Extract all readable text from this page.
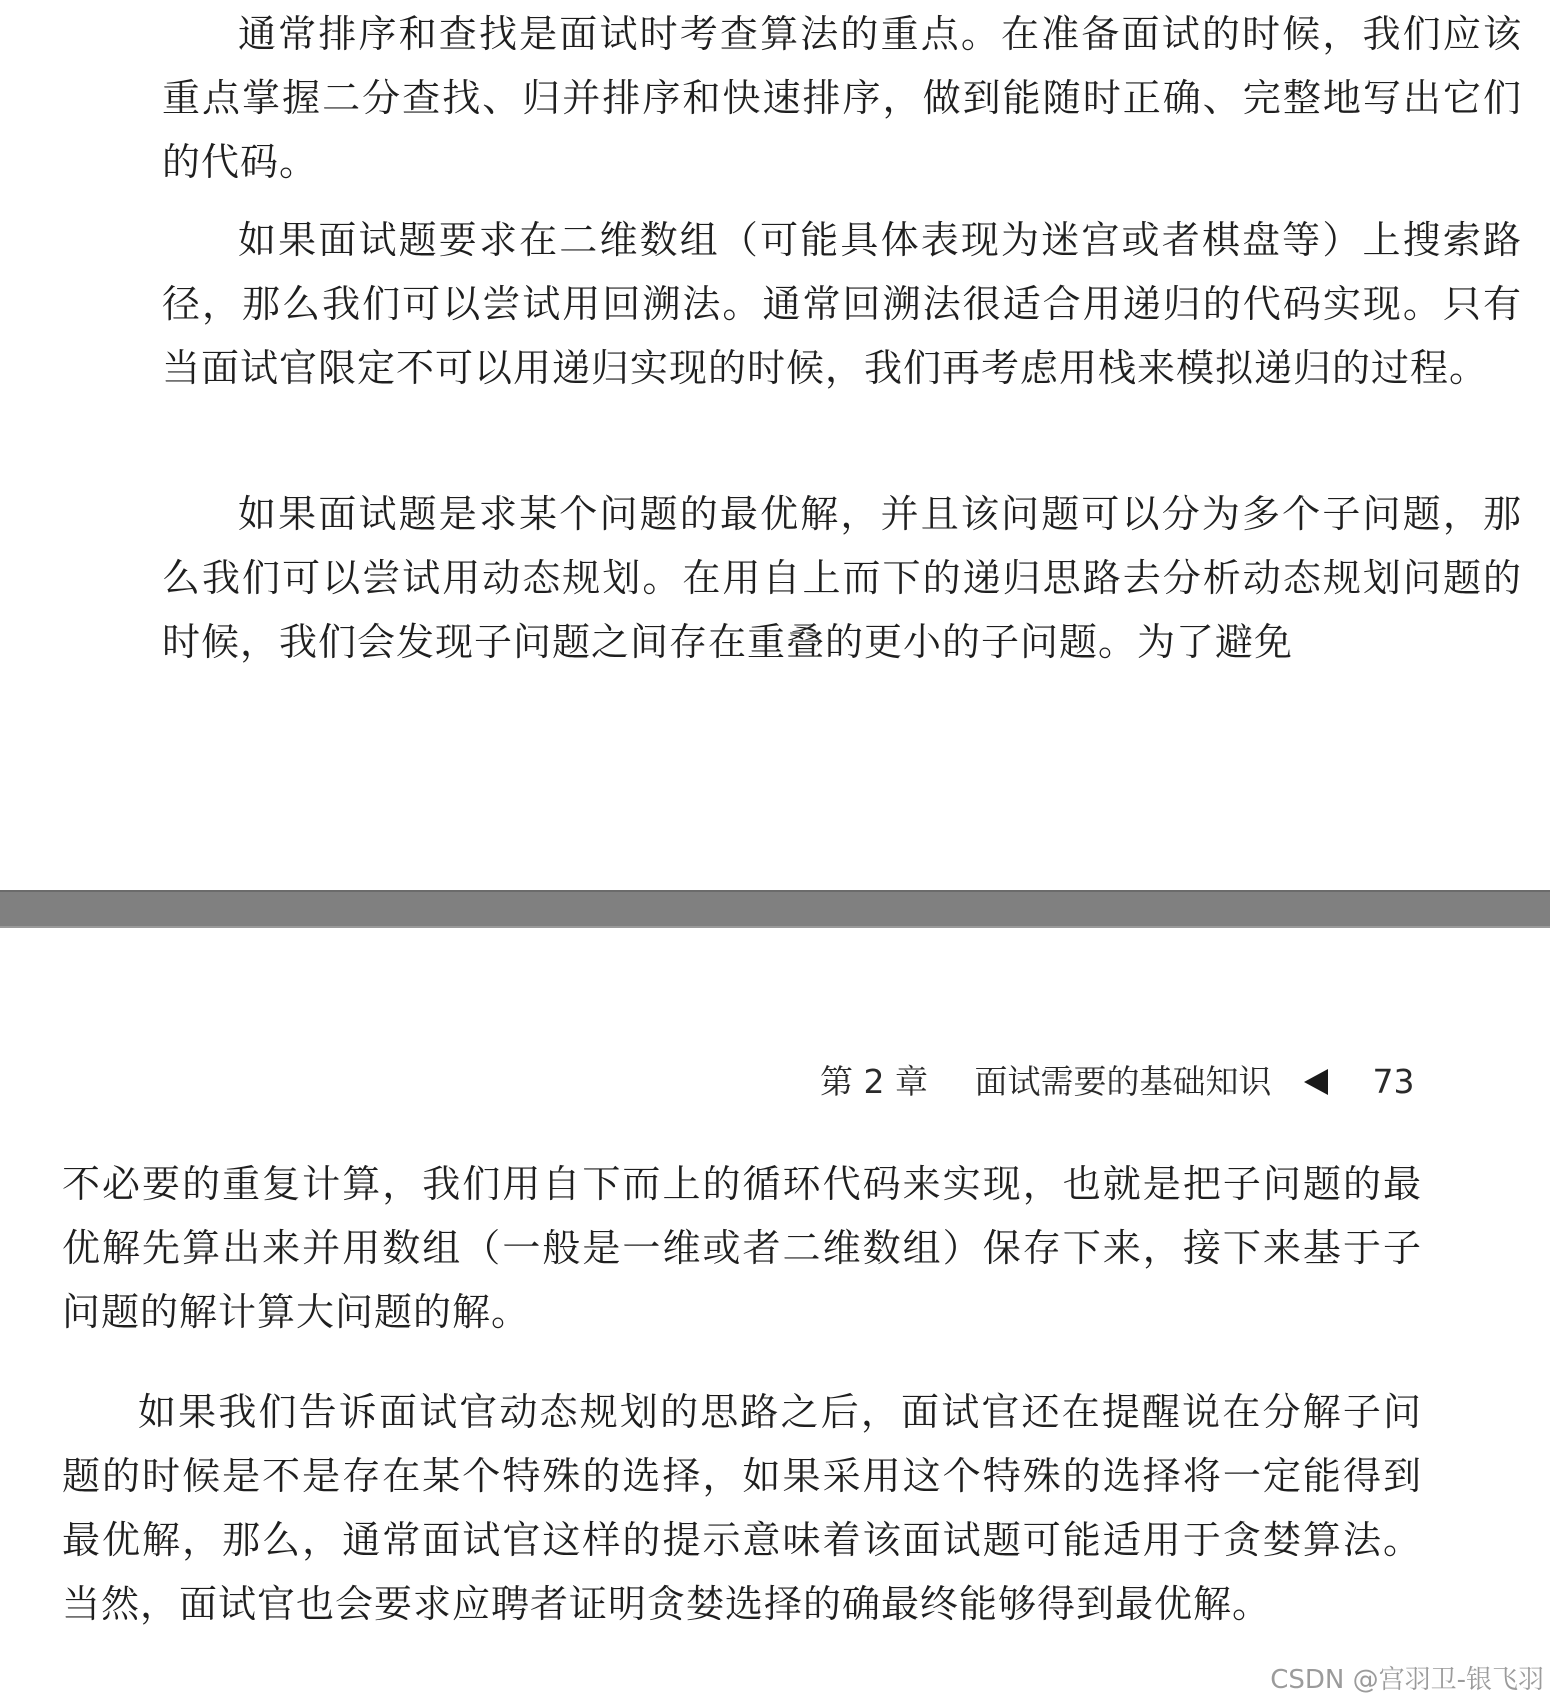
通常排序和查找是面试时考查算法的重点。在准备面试的时候，我们应该重点掌握二分查找、归并排序和快速排序，做到能随时正确、完整地写出它们的代码。

如果面试题要求在二维数组（可能具体表现为迷宫或者棋盘等）上搜索路径，那么我们可以尝试用回溯法。通常回溯法很适合用递归的代码实现。只有当面试官限定不可以用递归实现的时候，我们再考虑用栈来模拟递归的过程。

如果面试题是求某个问题的最优解，并且该问题可以分为多个子问题，那么我们可以尝试用动态规划。在用自上而下的递归思路去分析动态规划问题的时候，我们会发现子问题之间存在重叠的更小的子问题。为了避免

第 2 章 面试需要的基础知识	73

不必要的重复计算，我们用自下而上的循环代码来实现，也就是把子问题的最优解先算出来并用数组（一般是一维或者二维数组）保存下来，接下来基于子问题的解计算大问题的解。

如果我们告诉面试官动态规划的思路之后，面试官还在提醒说在分解子问题的时候是不是存在某个特殊的选择，如果采用这个特殊的选择将一定能得到最优解，那么，通常面试官这样的提示意味着该面试题可能适用于贪婪算法。当然，面试官也会要求应聘者证明贪婪选择的确最终能够得到最优解。

CSDN @宫羽卫-银飞羽
